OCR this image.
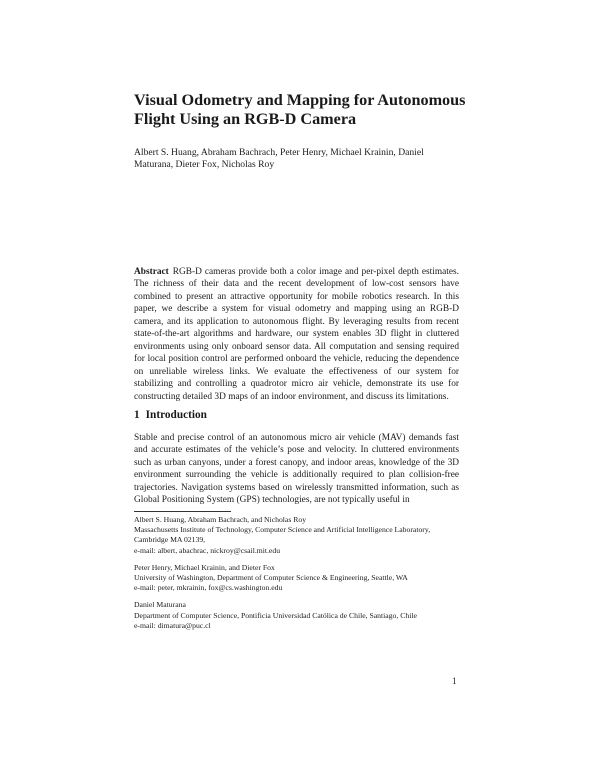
Visual Odometry and Mapping for Autonomous Flight Using an RGB-D Camera

Albert S. Huang, Abraham Bachrach, Peter Henry, Michael Krainin, Daniel Maturana, Dieter Fox, Nicholas Roy

Abstract RGB-D cameras provide both a color image and per-pixel depth estimates. The richness of their data and the recent development of low-cost sensors have combined to present an attractive opportunity for mobile robotics research. In this paper, we describe a system for visual odometry and mapping using an RGB-D camera, and its application to autonomous flight. By leveraging results from recent state-of-the-art algorithms and hardware, our system enables 3D flight in cluttered environments using only onboard sensor data. All computation and sensing required for local position control are performed onboard the vehicle, reducing the dependence on unreliable wireless links. We evaluate the effectiveness of our system for stabilizing and controlling a quadrotor micro air vehicle, demonstrate its use for constructing detailed 3D maps of an indoor environment, and discuss its limitations.

1 Introduction

Stable and precise control of an autonomous micro air vehicle (MAV) demands fast and accurate estimates of the vehicle’s pose and velocity. In cluttered environments such as urban canyons, under a forest canopy, and indoor areas, knowledge of the 3D environment surrounding the vehicle is additionally required to plan collision-free trajectories. Navigation systems based on wirelessly transmitted information, such as Global Positioning System (GPS) technologies, are not typically useful in

Albert S. Huang, Abraham Bachrach, and Nicholas Roy
Massachusetts Institute of Technology, Computer Science and Artificial Intelligence Laboratory,
Cambridge MA 02139,
e-mail: albert, abachrac, nickroy@csail.mit.edu

Peter Henry, Michael Krainin, and Dieter Fox
University of Washington, Department of Computer Science & Engineering, Seattle, WA
e-mail: peter, mkrainin, fox@cs.washington.edu

Daniel Maturana
Department of Computer Science, Pontificia Universidad Católica de Chile, Santiago, Chile
e-mail: dimatura@puc.cl

1
